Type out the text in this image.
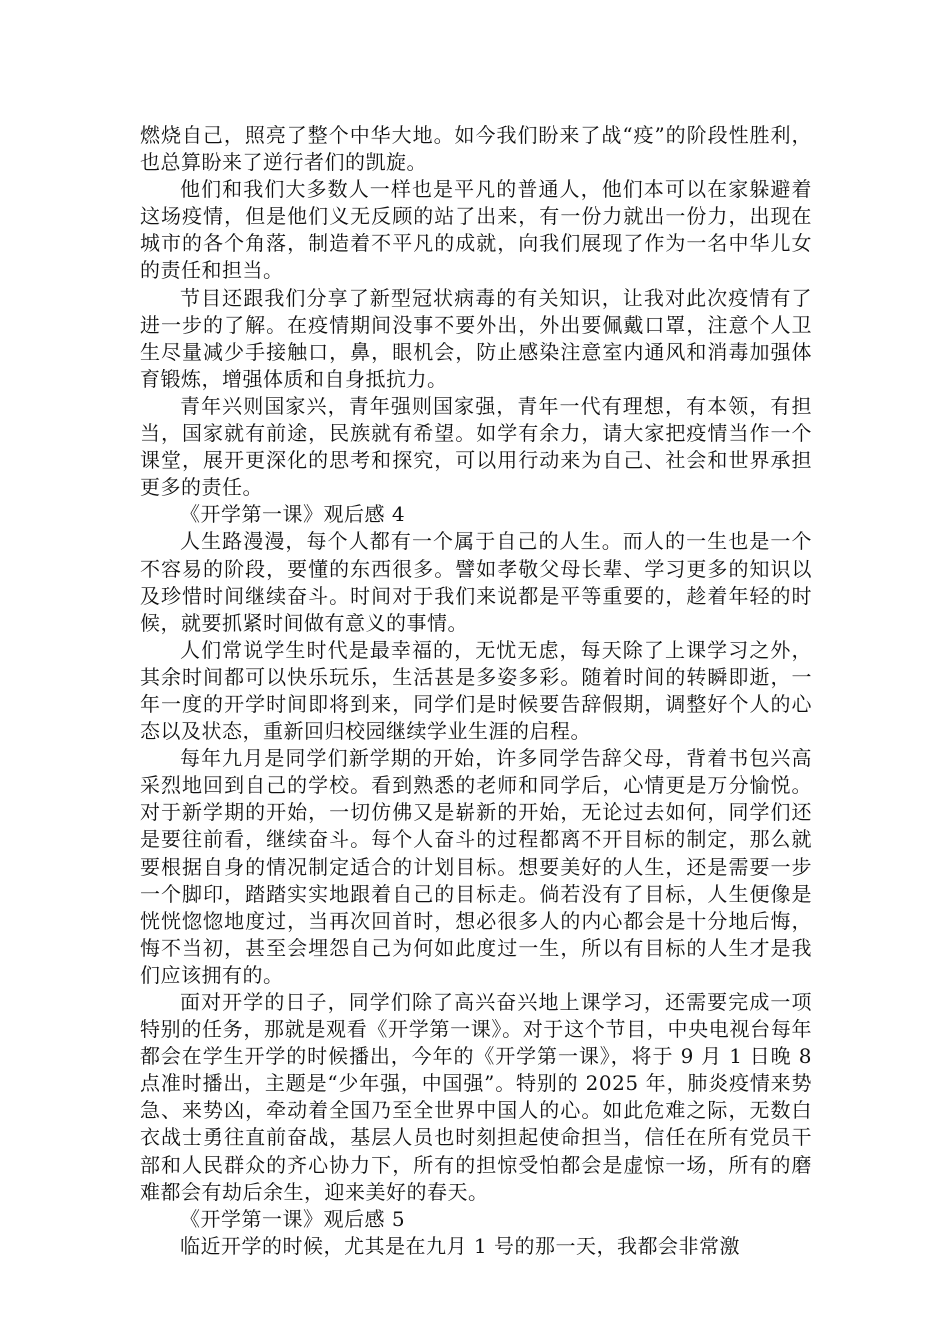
燃烧自己，照亮了整个中华大地。如今我们盼来了战“疫”的阶段性胜利，也总算盼来了逆行者们的凯旋。

他们和我们大多数人一样也是平凡的普通人，他们本可以在家躲避着这场疫情，但是他们义无反顾的站了出来，有一份力就出一份力，出现在城市的各个角落，制造着不平凡的成就，向我们展现了作为一名中华儿女的责任和担当。

节目还跟我们分享了新型冠状病毒的有关知识，让我对此次疫情有了进一步的了解。在疫情期间没事不要外出，外出要佩戴口罩，注意个人卫生尽量减少手接触口，鼻，眼机会，防止感染注意室内通风和消毒加强体育锻炼，增强体质和自身抵抗力。

青年兴则国家兴，青年强则国家强，青年一代有理想，有本领，有担当，国家就有前途，民族就有希望。如学有余力，请大家把疫情当作一个课堂，展开更深化的思考和探究，可以用行动来为自己、社会和世界承担更多的责任。

《开学第一课》观后感 4

人生路漫漫，每个人都有一个属于自己的人生。而人的一生也是一个不容易的阶段，要懂的东西很多。譬如孝敬父母长辈、学习更多的知识以及珍惜时间继续奋斗。时间对于我们来说都是平等重要的，趁着年轻的时候，就要抓紧时间做有意义的事情。

人们常说学生时代是最幸福的，无忧无虑，每天除了上课学习之外，其余时间都可以快乐玩乐，生活甚是多姿多彩。随着时间的转瞬即逝，一年一度的开学时间即将到来，同学们是时候要告辞假期，调整好个人的心态以及状态，重新回归校园继续学业生涯的启程。

每年九月是同学们新学期的开始，许多同学告辞父母，背着书包兴高采烈地回到自己的学校。看到熟悉的老师和同学后，心情更是万分愉悦。对于新学期的开始，一切仿佛又是崭新的开始，无论过去如何，同学们还是要往前看，继续奋斗。每个人奋斗的过程都离不开目标的制定，那么就要根据自身的情况制定适合的计划目标。想要美好的人生，还是需要一步一个脚印，踏踏实实地跟着自己的目标走。倘若没有了目标，人生便像是恍恍惚惚地度过，当再次回首时，想必很多人的内心都会是十分地后悔，悔不当初，甚至会埋怨自己为何如此度过一生，所以有目标的人生才是我们应该拥有的。

面对开学的日子，同学们除了高兴奋兴地上课学习，还需要完成一项特别的任务，那就是观看《开学第一课》。对于这个节目，中央电视台每年都会在学生开学的时候播出，今年的《开学第一课》，将于 9 月 1 日晚 8 点准时播出，主题是“少年强，中国强”。特别的 2025 年，肺炎疫情来势急、来势凶，牵动着全国乃至全世界中国人的心。如此危难之际，无数白衣战士勇往直前奋战，基层人员也时刻担起使命担当，信任在所有党员干部和人民群众的齐心协力下，所有的担惊受怕都会是虚惊一场，所有的磨难都会有劫后余生，迎来美好的春天。

《开学第一课》观后感 5

临近开学的时候，尤其是在九月 1 号的那一天，我都会非常激
